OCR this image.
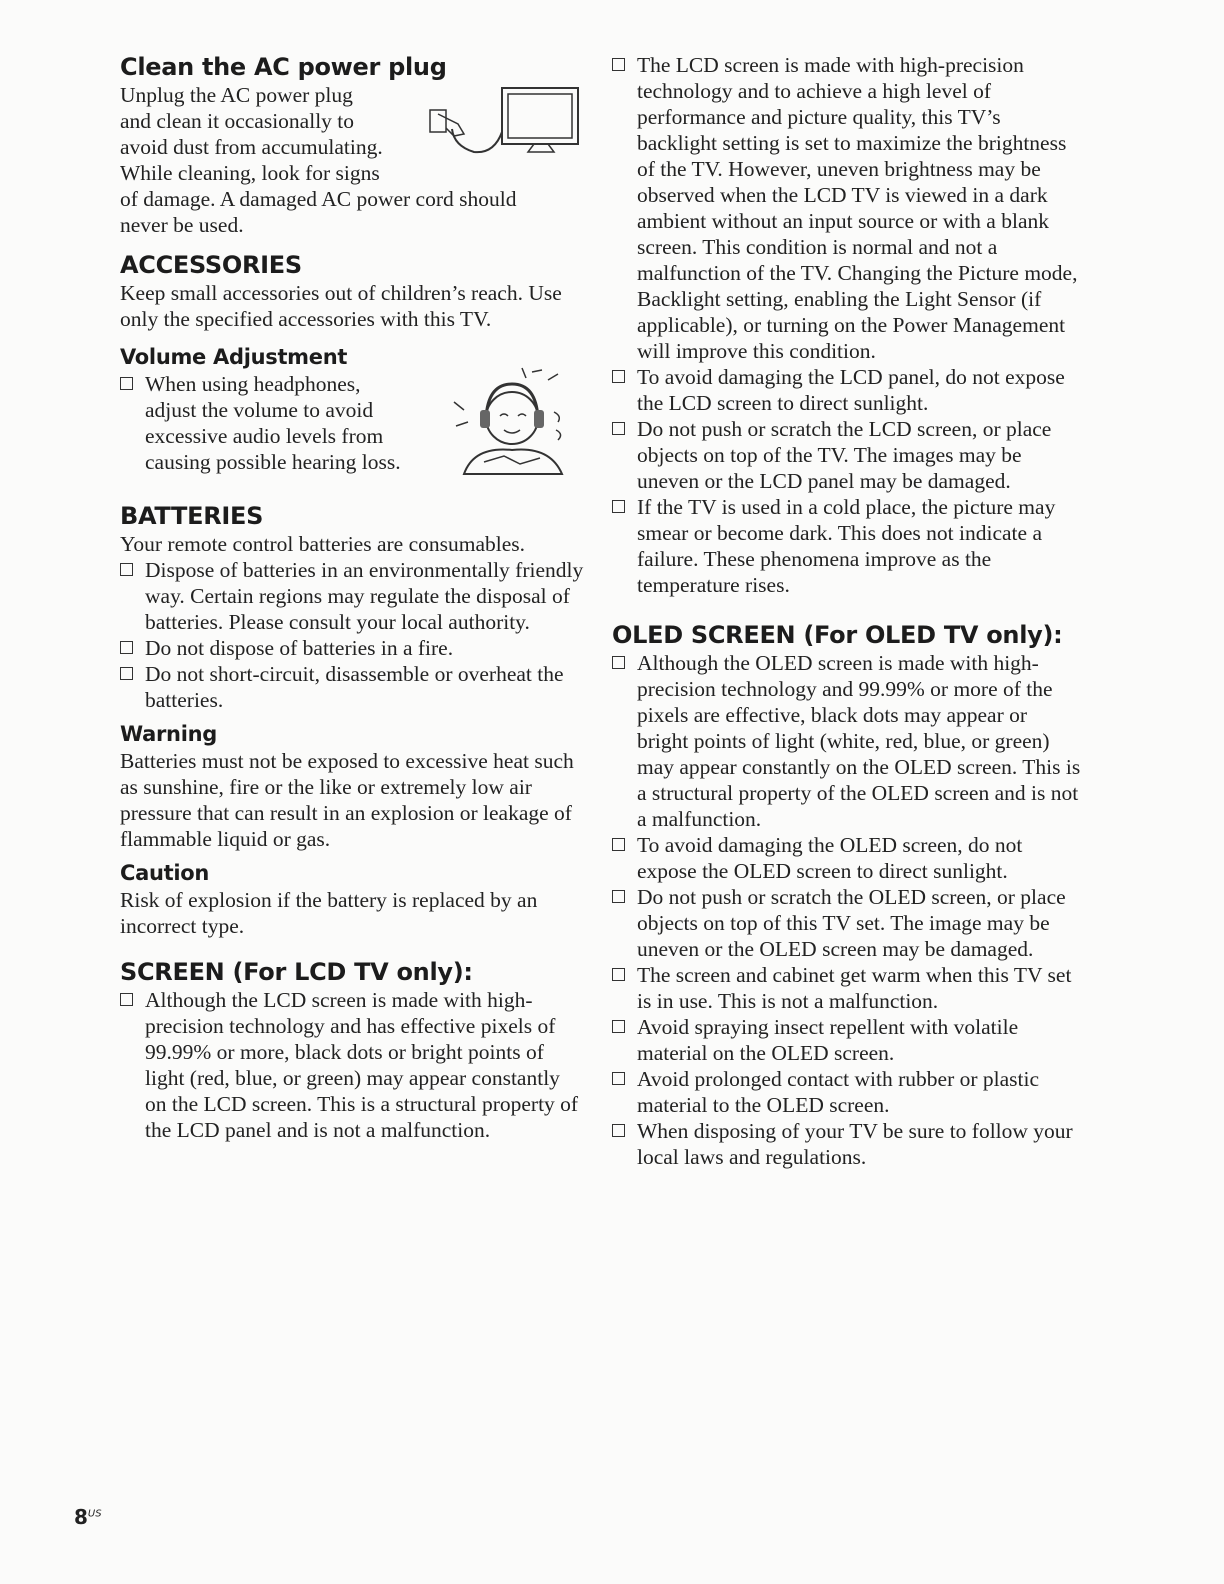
Clean the AC power plug

Unplug the AC power plug

and clean it occasionally to

avoid dust from accumulating.

While cleaning, look for signs

of damage. A damaged AC power cord should

never be used.

ACCESSORIES

Keep small accessories out of children’s reach. Use only the specified accessories with this TV.

Volume Adjustment
When using headphones,
adjust the volume to avoid
excessive audio levels from
causing possible hearing loss.
BATTERIES

Your remote control batteries are consumables.

Dispose of batteries in an environmentally friendly way. Certain regions may regulate the disposal of batteries. Please consult your local authority.
Do not dispose of batteries in a fire.
Do not short-circuit, disassemble or overheat the batteries.
Warning

Batteries must not be exposed to excessive heat such as sunshine, fire or the like or extremely low air pressure that can result in an explosion or leakage of flammable liquid or gas.

Caution

Risk of explosion if the battery is replaced by an incorrect type.

SCREEN (For LCD TV only):
Although the LCD screen is made with high-precision technology and has effective pixels of 99.99% or more, black dots or bright points of light (red, blue, or green) may appear constantly on the LCD screen. This is a structural property of the LCD panel and is not a malfunction.
The LCD screen is made with high-precision technology and to achieve a high level of performance and picture quality, this TV’s backlight setting is set to maximize the brightness of the TV. However, uneven brightness may be observed when the LCD TV is viewed in a dark ambient without an input source or with a blank screen. This condition is normal and not a malfunction of the TV. Changing the Picture mode, Backlight setting, enabling the Light Sensor (if applicable), or turning on the Power Management will improve this condition.
To avoid damaging the LCD panel, do not expose the LCD screen to direct sunlight.
Do not push or scratch the LCD screen, or place objects on top of the TV. The images may be uneven or the LCD panel may be damaged.
If the TV is used in a cold place, the picture may smear or become dark. This does not indicate a failure. These phenomena improve as the temperature rises.
OLED SCREEN (For OLED TV only):
Although the OLED screen is made with high-precision technology and 99.99% or more of the pixels are effective, black dots may appear or bright points of light (white, red, blue, or green) may appear constantly on the OLED screen. This is a structural property of the OLED screen and is not a malfunction.
To avoid damaging the OLED screen, do not expose the OLED screen to direct sunlight.
Do not push or scratch the OLED screen, or place objects on top of this TV set. The image may be uneven or the OLED screen may be damaged.
The screen and cabinet get warm when this TV set is in use. This is not a malfunction.
Avoid spraying insect repellent with volatile material on the OLED screen.
Avoid prolonged contact with rubber or plastic material to the OLED screen.
When disposing of your TV be sure to follow your local laws and regulations.
$8^{US}$
